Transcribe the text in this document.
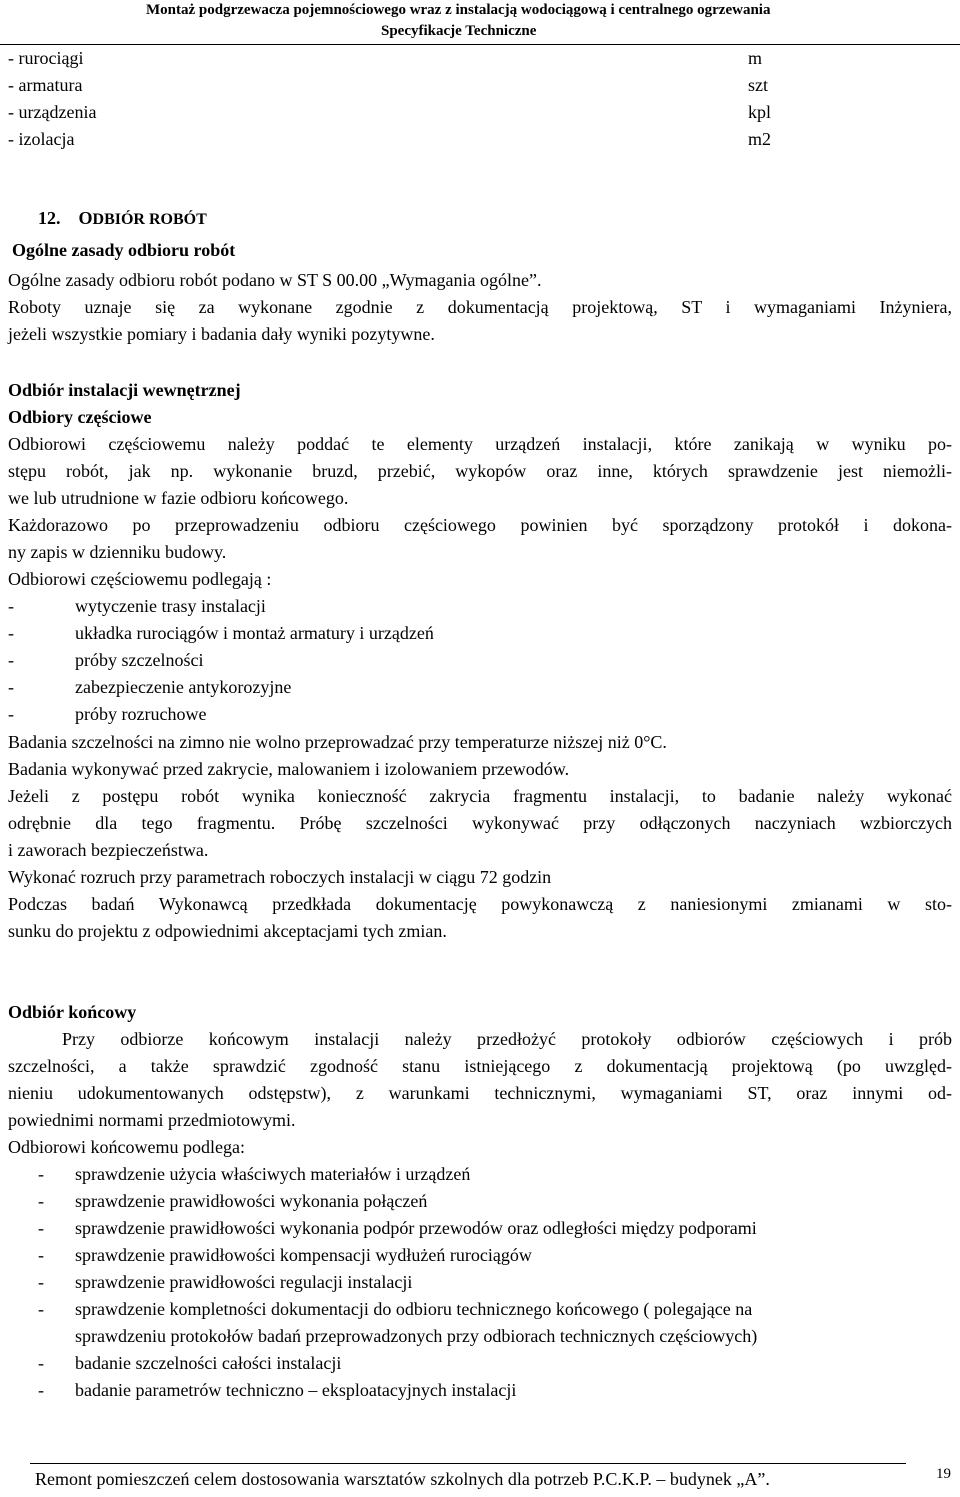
Montaż podgrzewacza pojemnościowego wraz z instalacją wodociągową i centralnego ogrzewania
Specyfikacje Techniczne
- rurociągi	m
- armatura	szt
- urządzenia	kpl
- izolacja	m2
12. ODBIÓR ROBÓT
Ogólne zasady odbioru robót
Ogólne zasady odbioru robót podano w ST S 00.00 „Wymagania ogólne”.
Roboty uznaje się za wykonane zgodnie z dokumentacją projektową, ST i wymaganiami Inżyniera,
jeżeli wszystkie pomiary i badania dały wyniki pozytywne.
Odbiór instalacji wewnętrznej
Odbiory częściowe
Odbiorowi częściowemu należy poddać te elementy urządzeń instalacji, które zanikają w wyniku po-
stępu robót, jak np. wykonanie bruzd, przebić, wykopów oraz inne, których sprawdzenie jest niemożli-
we lub utrudnione w fazie odbioru końcowego.
Każdorazowo po przeprowadzeniu odbioru częściowego powinien być sporządzony protokół i dokona-
ny zapis w dzienniku budowy.
Odbiorowi częściowemu podlegają :
-	wytyczenie trasy instalacji
-	układka rurociągów i montaż armatury i urządzeń
-	próby szczelności
-	zabezpieczenie antykorozyjne
-	próby rozruchowe
Badania szczelności na zimno nie wolno przeprowadzać przy temperaturze niższej niż 0°C.
Badania wykonywać przed zakrycie, malowaniem i izolowaniem przewodów.
Jeżeli z postępu robót wynika konieczność zakrycia fragmentu instalacji, to badanie należy wykonać
odrębnie dla tego fragmentu. Próbę szczelności wykonywać przy odłączonych naczyniach wzbiorczych
i zaworach bezpieczeństwa.
Wykonać rozruch przy parametrach roboczych instalacji w ciągu 72 godzin
Podczas badań Wykonawcą przedkłada dokumentację powykonawczą z naniesionymi zmianami w sto-
sunku do projektu z odpowiednimi akceptacjami tych zmian.
Odbiór końcowy
Przy odbiorze końcowym instalacji należy przedłożyć protokoły odbiorów częściowych i prób
szczelności, a także sprawdzić zgodność stanu istniejącego z dokumentacją projektową (po uwzględ-
nieniu udokumentowanych odstępstw), z warunkami technicznymi, wymaganiami ST, oraz innymi od-
powiednimi normami przedmiotowymi.
Odbiorowi końcowemu podlega:
- sprawdzenie użycia właściwych materiałów i urządzeń
- sprawdzenie prawidłowości wykonania połączeń
- sprawdzenie prawidłowości wykonania podpór przewodów oraz odległości między podporami
- sprawdzenie prawidłowości kompensacji wydłużeń rurociągów
- sprawdzenie prawidłowości regulacji instalacji
- sprawdzenie kompletności dokumentacji do odbioru technicznego końcowego ( polegające na
sprawdzeniu protokołów badań przeprowadzonych przy odbiorach technicznych częściowych)
- badanie szczelności całości instalacji
- badanie parametrów techniczno – eksploatacyjnych instalacji
Remont pomieszczeń celem dostosowania warsztatów szkolnych dla potrzeb P.C.K.P. – budynek „A”.	19
